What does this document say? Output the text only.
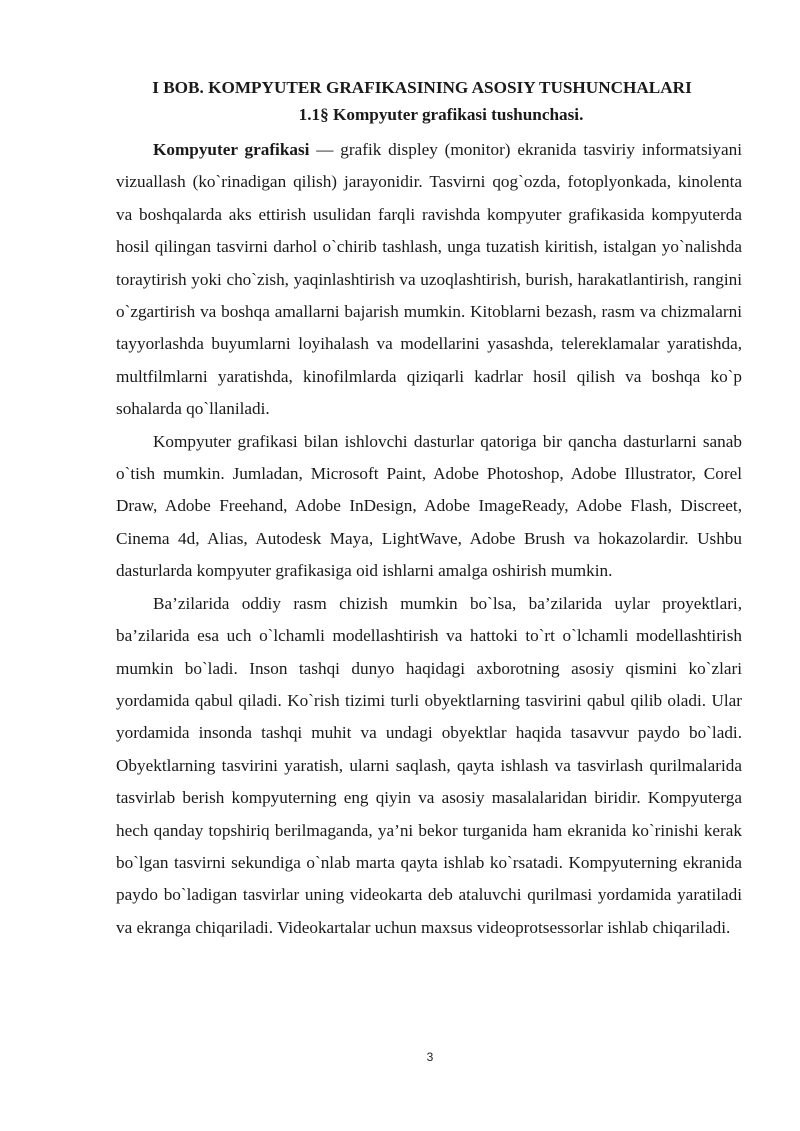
I BOB. KOMPYUTER GRAFIKASINING ASOSIY TUSHUNCHALARI
1.1§ Kompyuter grafikasi tushunchasi.

Kompyuter grafikasi — grafik displey (monitor) ekranida tasviriy informatsiyani vizuallash (ko`rinadigan qilish) jarayonidir. Tasvirni qog`ozda, fotoplyonkada, kinolenta va boshqalarda aks ettirish usulidan farqli ravishda kompyuter grafikasida kompyuterda hosil qilingan tasvirni darhol o`chirib tashlash, unga tuzatish kiritish, istalgan yo`nalishda toraytirish yoki cho`zish, yaqinlashtirish va uzoqlashtirish, burish, harakatlantirish, rangini o`zgartirish va boshqa amallarni bajarish mumkin. Kitoblarni bezash, rasm va chizmalarni tayyorlashda buyumlarni loyihalash va modellarini yasashda, telereklamalar yaratishda, multfilmlarni yaratishda, kinofilmlarda qiziqarli kadrlar hosil qilish va boshqa ko`p sohalarda qo`llaniladi.

Kompyuter grafikasi bilan ishlovchi dasturlar qatoriga bir qancha dasturlarni sanab o`tish mumkin. Jumladan, Microsoft Paint, Adobe Photoshop, Adobe Illustrator, Corel Draw, Adobe Freehand, Adobe InDesign, Adobe ImageReady, Adobe Flash, Discreet, Cinema 4d, Alias, Autodesk Maya, LightWave, Adobe Brush va hokazolardir. Ushbu dasturlarda kompyuter grafikasiga oid ishlarni amalga oshirish mumkin.

Ba’zilarida oddiy rasm chizish mumkin bo`lsa, ba’zilarida uylar proyektlari, ba’zilarida esa uch o`lchamli modellashtirish va hattoki to`rt o`lchamli modellashtirish mumkin bo`ladi. Inson tashqi dunyo haqidagi axborotning asosiy qismini ko`zlari yordamida qabul qiladi. Ko`rish tizimi turli obyektlarning tasvirini qabul qilib oladi. Ular yordamida insonda tashqi muhit va undagi obyektlar haqida tasavvur paydo bo`ladi. Obyektlarning tasvirini yaratish, ularni saqlash, qayta ishlash va tasvirlash qurilmalarida tasvirlab berish kompyuterning eng qiyin va asosiy masalalaridan biridir. Kompyuterga hech qanday topshiriq berilmaganda, ya’ni bekor turganida ham ekranida ko`rinishi kerak bo`lgan tasvirni sekundiga o`nlab marta qayta ishlab ko`rsatadi. Kompyuterning ekranida paydo bo`ladigan tasvirlar uning videokarta deb ataluvchi qurilmasi yordamida yaratiladi va ekranga chiqariladi. Videokartalar uchun maxsus videoprotsessorlar ishlab chiqariladi.

3
